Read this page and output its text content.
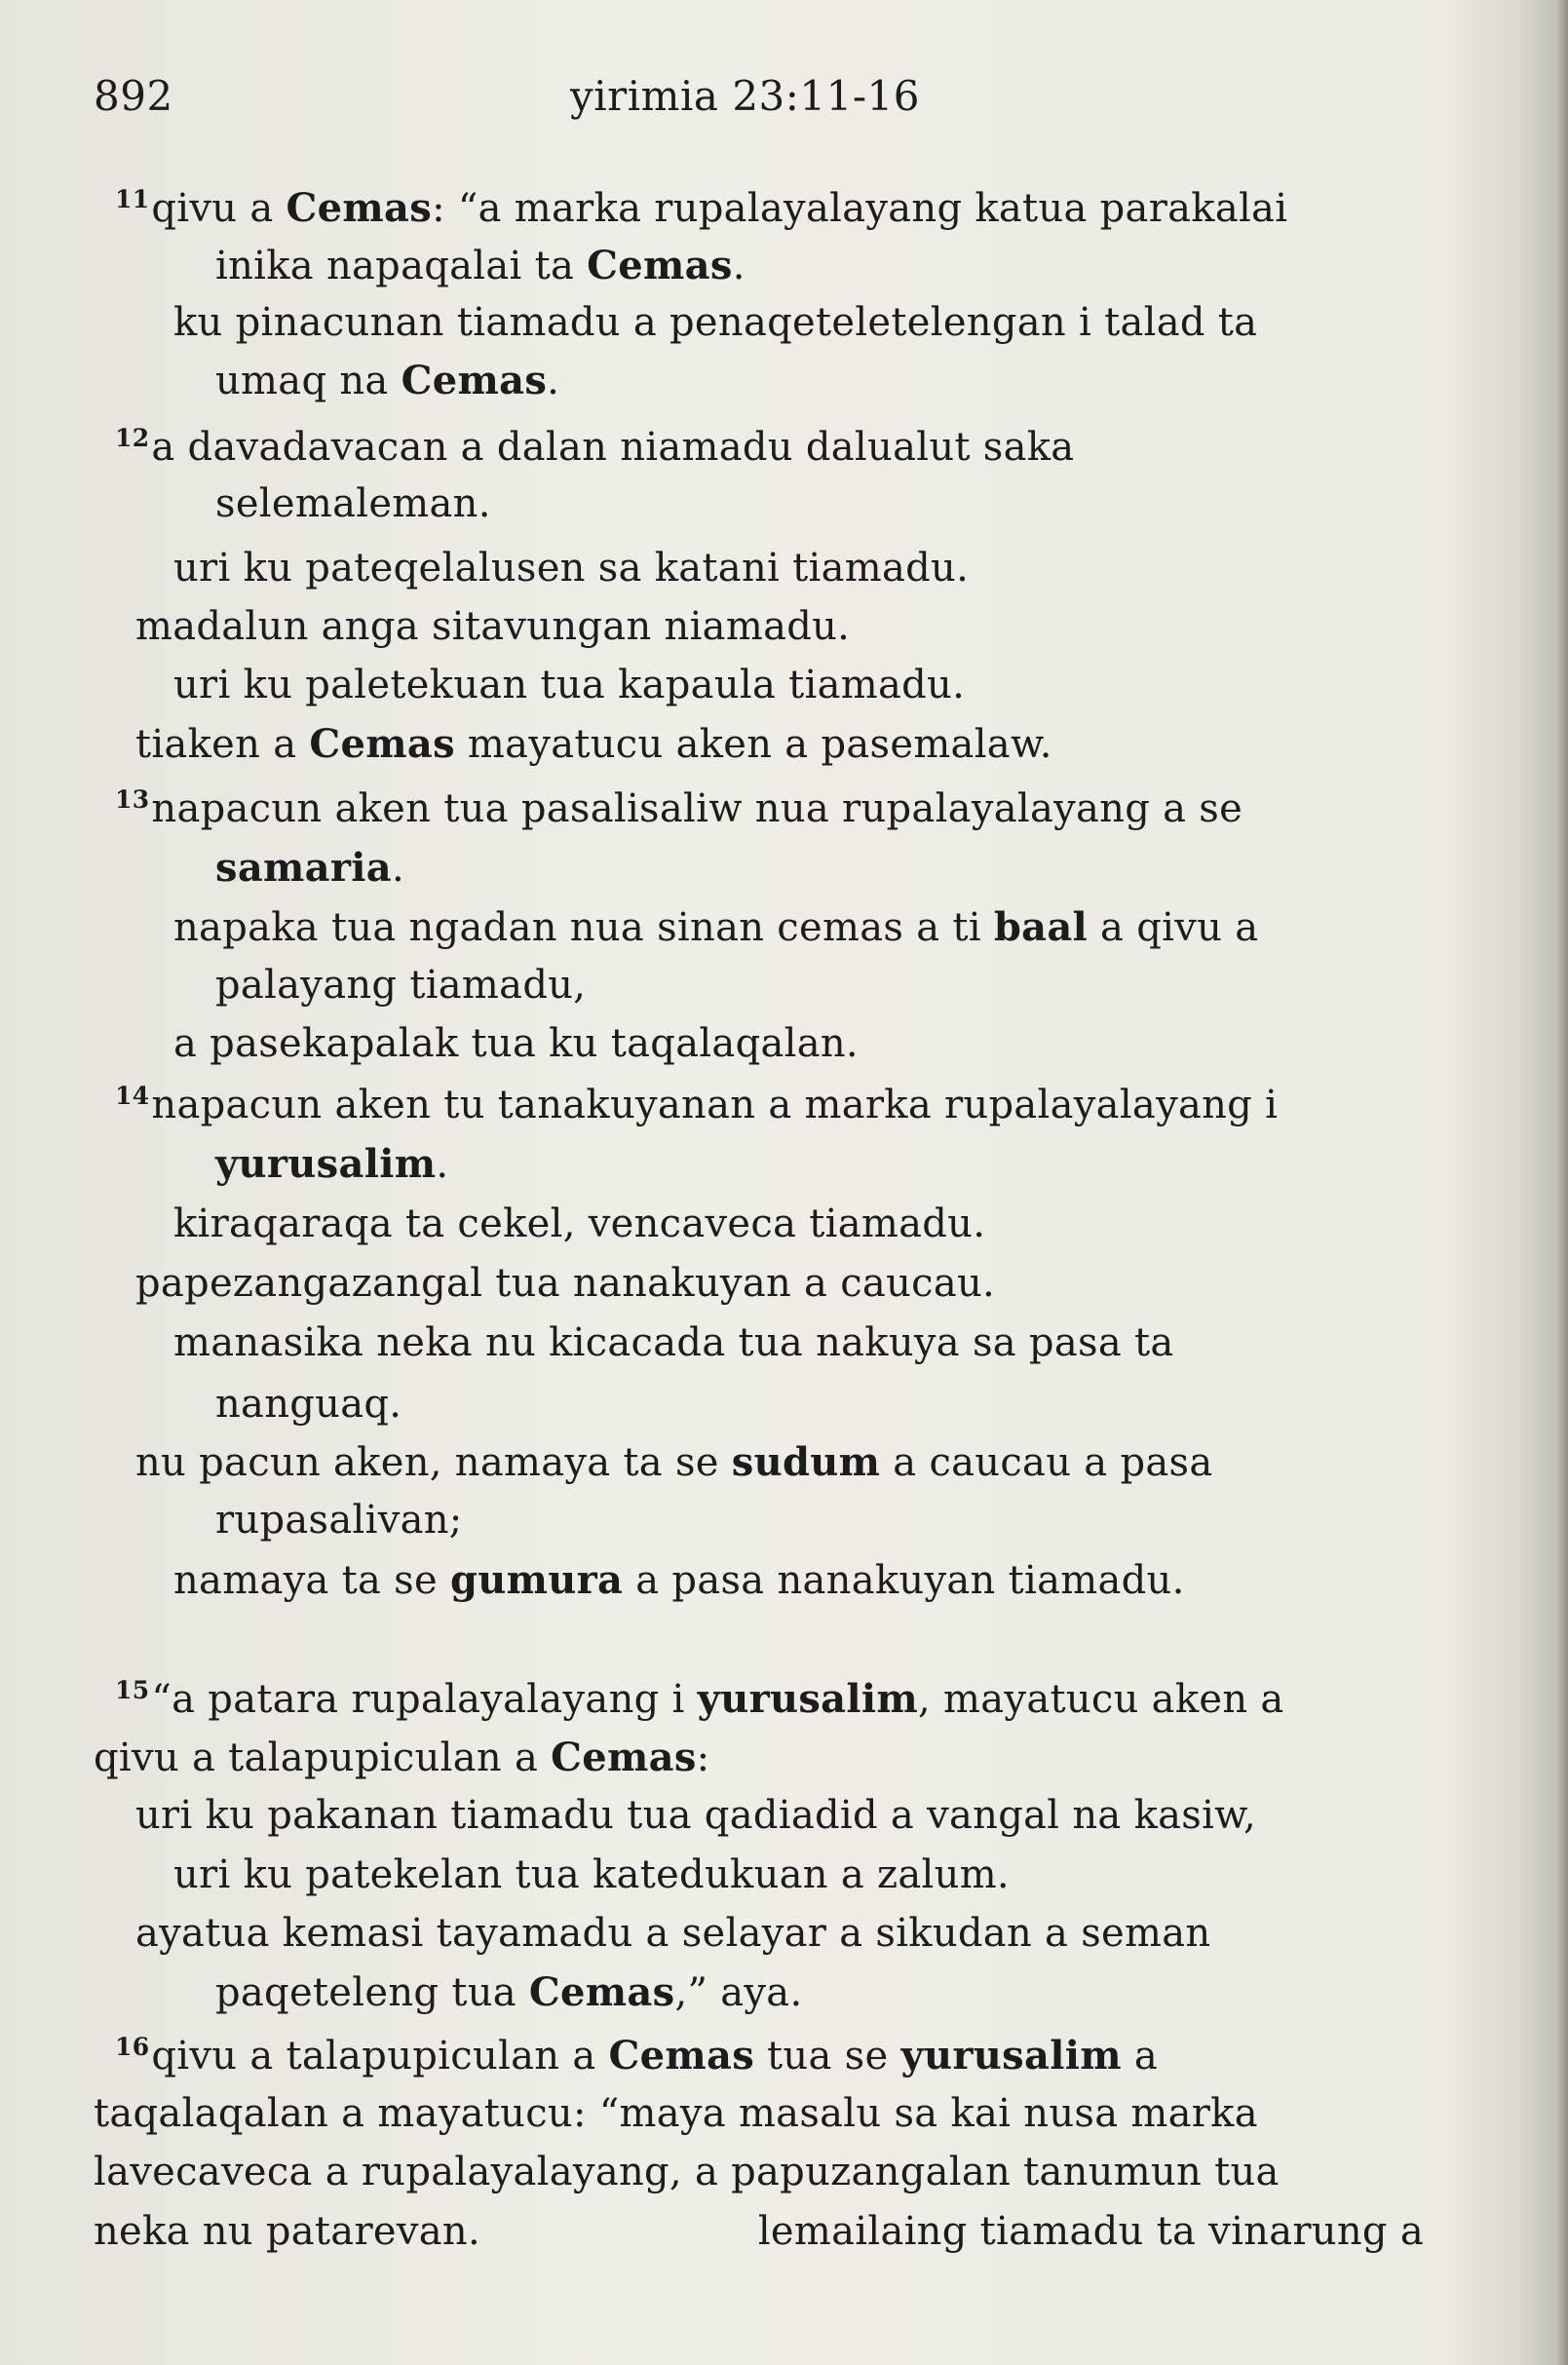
892	yirimia 23:11-16
$^{11}$qivu a Cemas: “a marka rupalayalayang katua parakalai
inika napaqalai ta Cemas.
ku pinacunan tiamadu a penaqeteletelengan i talad ta
umaq na Cemas.
$^{12}$a davadavacan a dalan niamadu dalualut saka
selemaleman.
uri ku pateqelalusen sa katani tiamadu.
madalun anga sitavungan niamadu.
uri ku paletekuan tua kapaula tiamadu.
tiaken a Cemas mayatucu aken a pasemalaw.
$^{13}$napacun aken tua pasalisaliw nua rupalayalayang a se
samaria.
napaka tua ngadan nua sinan cemas a ti baal a qivu a
palayang tiamadu,
a pasekapalak tua ku taqalaqalan.
$^{14}$napacun aken tu tanakuyanan a marka rupalayalayang i
yurusalim.
kiraqaraqa ta cekel, vencaveca tiamadu.
papezangazangal tua nanakuyan a caucau.
manasika neka nu kicacada tua nakuya sa pasa ta
nanguaq.
nu pacun aken, namaya ta se sudum a caucau a pasa
rupasalivan;
namaya ta se gumura a pasa nanakuyan tiamadu.
$^{15}$“a patara rupalayalayang i yurusalim, mayatucu aken a
qivu a talapupiculan a Cemas:
uri ku pakanan tiamadu tua qadiadid a vangal na kasiw,
uri ku patekelan tua katedukuan a zalum.
ayatua kemasi tayamadu a selayar a sikudan a seman
paqeteleng tua Cemas,” aya.
$^{16}$qivu a talapupiculan a Cemas tua se yurusalim a
taqalaqalan a mayatucu: “maya masalu sa kai nusa marka
lavecaveca a rupalayalayang, a papuzangalan tanumun tua
neka nu patarevan.	lemailaing tiamadu ta vinarung a
